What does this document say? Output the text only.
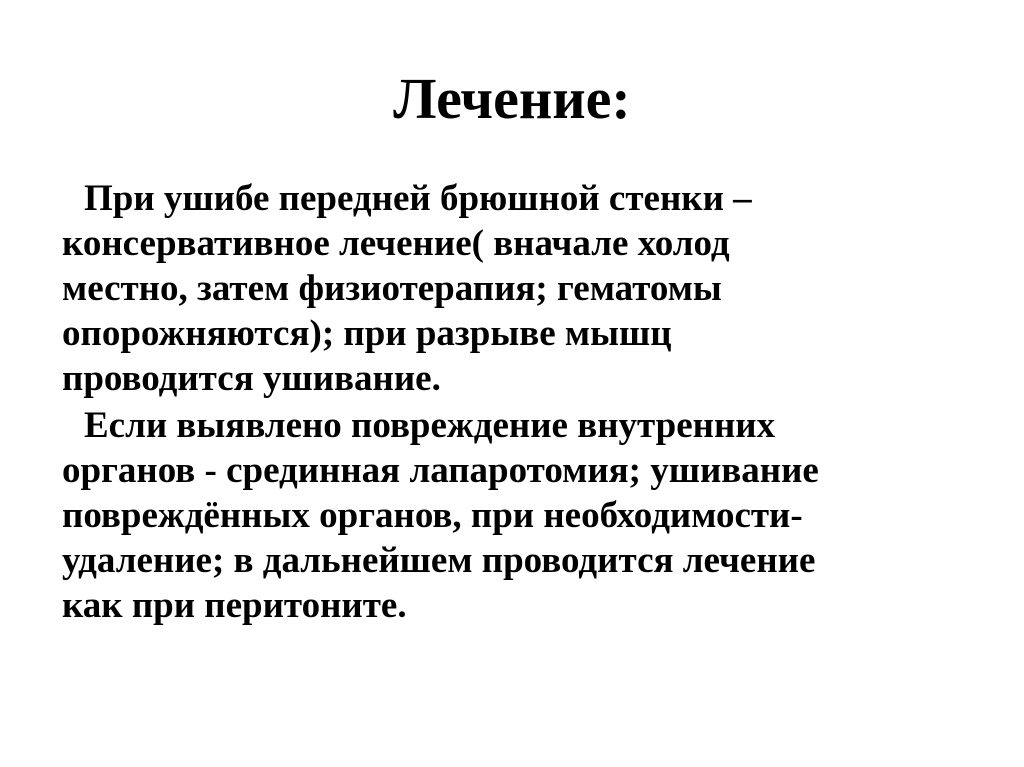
Лечение:

При ушибе передней брюшной стенки –
консервативное лечение( вначале холод
местно, затем физиотерапия; гематомы
опорожняются); при разрыве мышц
проводится ушивание.

Если выявлено повреждение внутренних
органов - срединная лапаротомия; ушивание
повреждённых органов, при необходимости-
удаление; в дальнейшем проводится лечение
как при перитоните.
